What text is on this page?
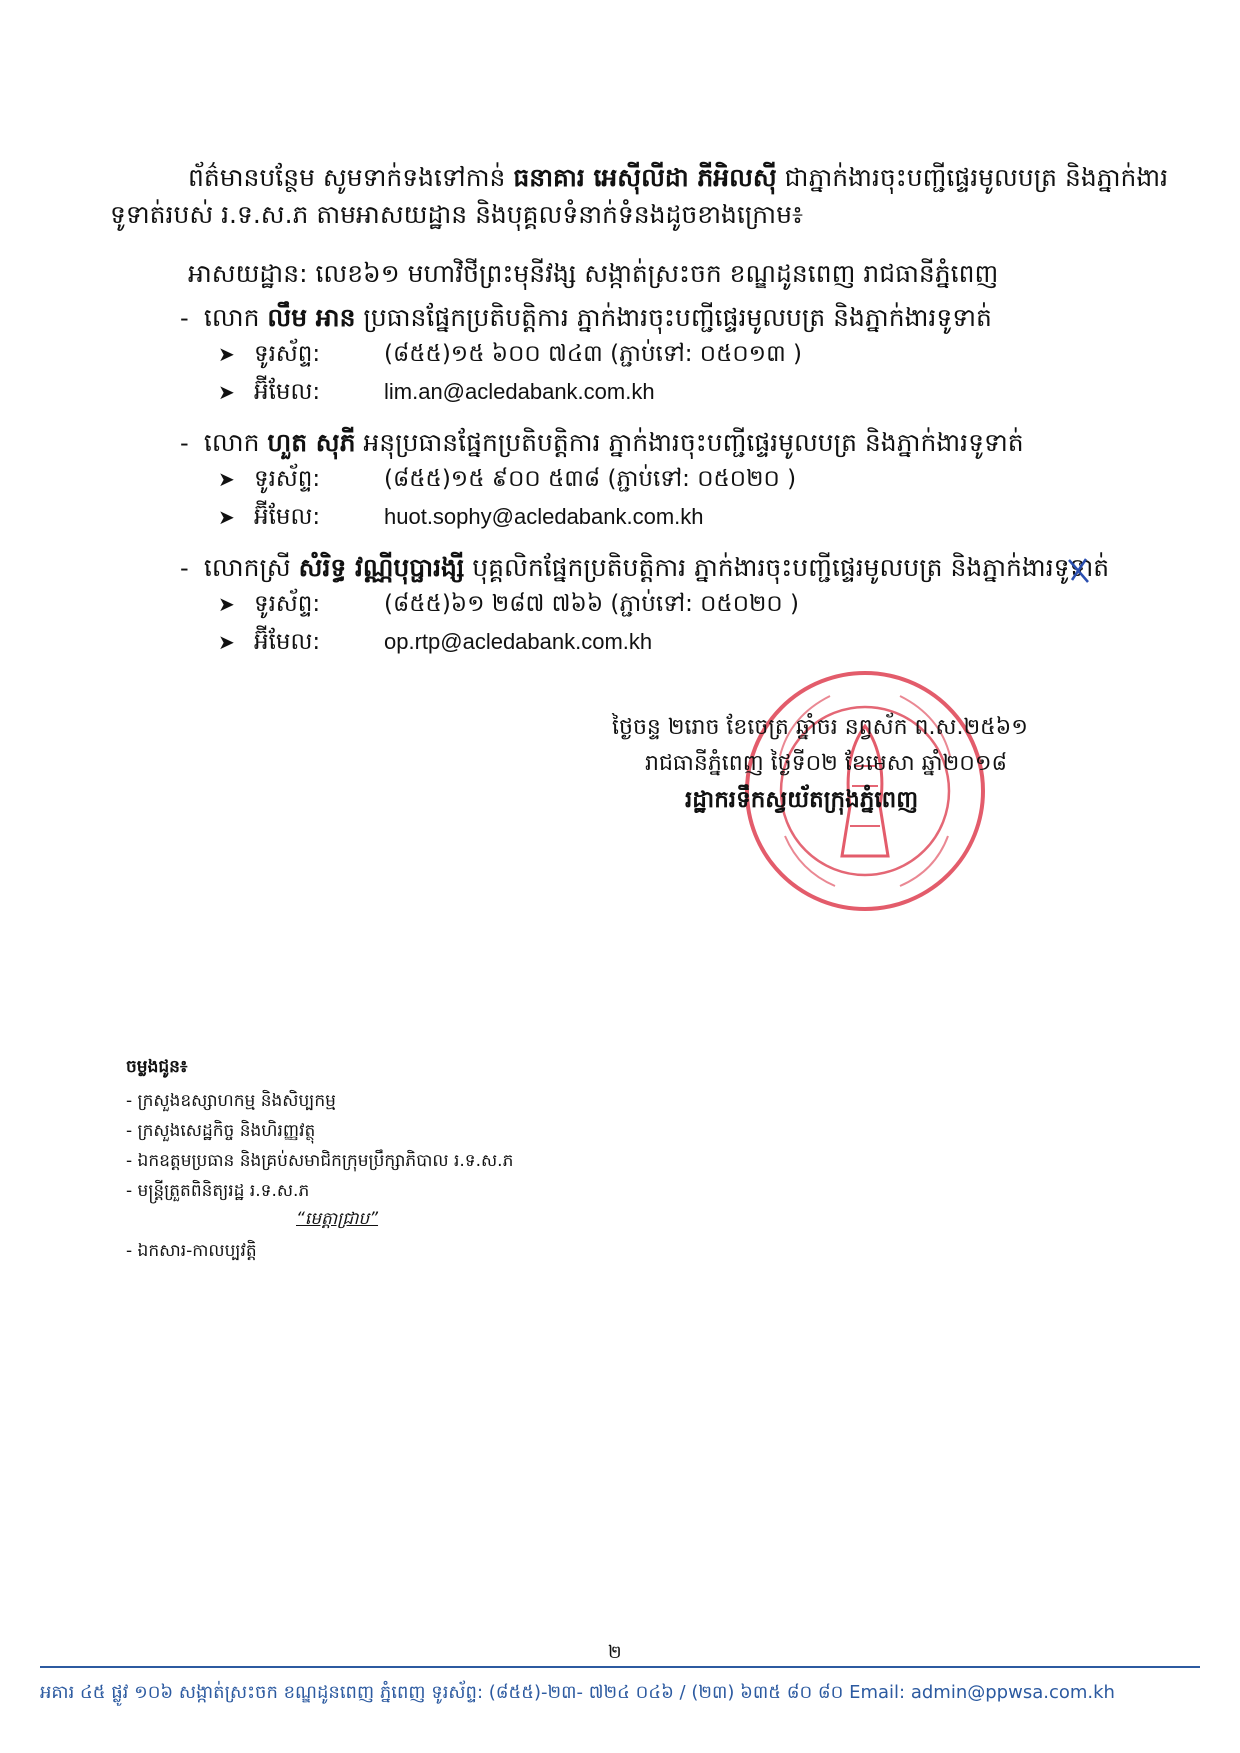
ព័ត៌មានបន្ថែម សូមទាក់ទងទៅកាន់ ធនាគារ អេស៊ីលីដា ភីអិលស៊ី ជាភ្នាក់ងារចុះបញ្ជីផ្ទេរមូលបត្រ និងភ្នាក់ងារ
ទូទាត់របស់ រ.ទ.ស.ភ តាមអាសយដ្ឋាន និងបុគ្គលទំនាក់ទំនងដូចខាងក្រោម៖
អាសយដ្ឋាន: លេខ៦១ មហាវិថីព្រះមុនីវង្ស សង្កាត់ស្រះចក ខណ្ឌដូនពេញ រាជធានីភ្នំពេញ
-  លោក លឹម អាន ប្រធានផ្នែកប្រតិបត្តិការ ភ្នាក់ងារចុះបញ្ជីផ្ទេរមូលបត្រ និងភ្នាក់ងារទូទាត់
➤ ទូរស័ព្ទ:	(៨៥៥)១៥ ៦០០ ៧៤៣ (ភ្ជាប់ទៅ: ០៥០១៣ )
➤ អ៊ីមែល:	lim.an@acledabank.com.kh
-  លោក ហួត សុភី អនុប្រធានផ្នែកប្រតិបត្តិការ ភ្នាក់ងារចុះបញ្ជីផ្ទេរមូលបត្រ និងភ្នាក់ងារទូទាត់
➤ ទូរស័ព្ទ:	(៨៥៥)១៥ ៩០០ ៥៣៨ (ភ្ជាប់ទៅ: ០៥០២០ )
➤ អ៊ីមែល:	huot.sophy@acledabank.com.kh
-  លោកស្រី សំរិទ្ធ វណ្ណីបុប្ផារង្សី បុគ្គលិកផ្នែកប្រតិបត្តិការ ភ្នាក់ងារចុះបញ្ជីផ្ទេរមូលបត្រ និងភ្នាក់ងារទូទាត់
➤ ទូរស័ព្ទ:	(៨៥៥)៦១ ២៨៧ ៧៦៦ (ភ្ជាប់ទៅ: ០៥០២០ )
➤ អ៊ីមែល:	op.rtp@acledabank.com.kh
ថ្ងៃចន្ទ ២រោច ខែចេត្រ ឆ្នាំចរ នព្វស័ក ព.ស.២៥៦១
រាជធានីភ្នំពេញ ថ្ងៃទី០២ ខែមេសា ឆ្នាំ២០១៨
រដ្ឋាករទឹកស្វយ័តក្រុងភ្នំពេញ
ចម្លងជូន៖
- ក្រសួងឧស្សាហកម្ម និងសិប្បកម្ម
- ក្រសួងសេដ្ឋកិច្ច និងហិរញ្ញវត្ថុ
- ឯកឧត្តមប្រធាន និងគ្រប់សមាជិកក្រុមប្រឹក្សាភិបាល រ.ទ.ស.ភ
- មន្ត្រីត្រួតពិនិត្យរដ្ឋ រ.ទ.ស.ភ
“មេត្តាជ្រាប”
- ឯកសារ-កាលប្បវត្តិ
២
អគារ ៤៥ ផ្លូវ ១០៦ សង្កាត់ស្រះចក ខណ្ឌដូនពេញ ភ្នំពេញ ទូរស័ព្ទ: (៨៥៥)-២៣- ៧២៤ ០៤៦ / (២៣) ៦៣៥ ៨០ ៨០ Email: admin@ppwsa.com.kh
